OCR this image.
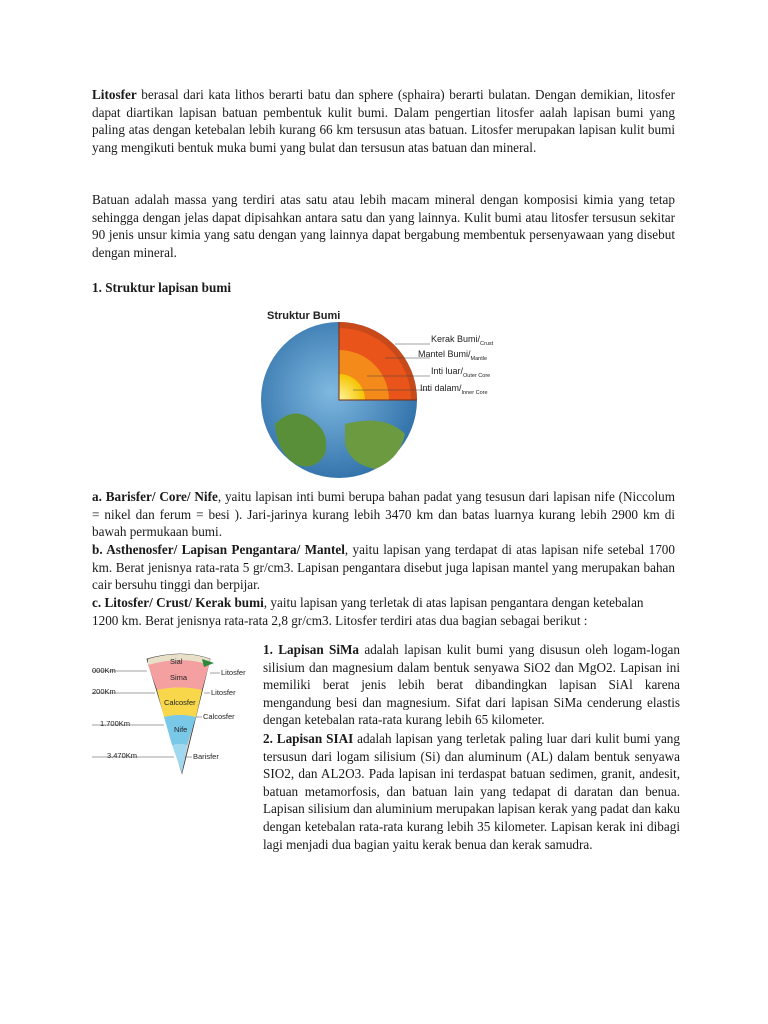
Litosfer berasal dari kata lithos berarti batu dan sphere (sphaira) berarti bulatan. Dengan demikian, litosfer dapat diartikan lapisan batuan pembentuk kulit bumi. Dalam pengertian litosfer aalah lapisan bumi yang paling atas dengan ketebalan lebih kurang 66 km tersusun atas batuan. Litosfer merupakan lapisan kulit bumi yang mengikuti bentuk muka bumi yang bulat dan tersusun atas batuan dan mineral.

Batuan adalah massa yang terdiri atas satu atau lebih macam mineral dengan komposisi kimia yang tetap sehingga dengan jelas dapat dipisahkan antara satu dan yang lainnya. Kulit bumi atau litosfer tersusun sekitar 90 jenis unsur kimia yang satu dengan yang lainnya dapat bergabung membentuk persenyawaan yang disebut dengan mineral.

1. Struktur lapisan bumi

Struktur Bumi
Kerak Bumi/$_{Crust}$
Mantel Bumi/$_{Mantle}$
Inti luar/$_{Outer Core}$
Inti dalam/$_{Inner Core}$

a. Barisfer/ Core/ Nife, yaitu lapisan inti bumi berupa bahan padat yang tesusun dari lapisan nife (Niccolum = nikel dan ferum = besi ). Jari-jarinya kurang lebih 3470 km dan batas luarnya kurang lebih 2900 km di bawah permukaan bumi.

b. Asthenosfer/ Lapisan Pengantara/ Mantel, yaitu lapisan yang terdapat di atas lapisan nife setebal 1700 km. Berat jenisnya rata-rata 5 gr/cm3. Lapisan pengantara disebut juga lapisan mantel yang merupakan bahan cair bersuhu tinggi dan berpijar.

c. Litosfer/ Crust/ Kerak bumi, yaitu lapisan yang terletak di atas lapisan pengantara dengan ketebalan 1200 km. Berat jenisnya rata-rata 2,8 gr/cm3. Litosfer terdiri atas dua bagian sebagai berikut :

000Km
200Km
1.700Km
3.470Km
Sial
Sima
Calcosfer
Nife
Litosfer
Litosfer
Calcosfer
Barisfer

1. Lapisan SiMa adalah lapisan kulit bumi yang disusun oleh logam-logan silisium dan magnesium dalam bentuk senyawa SiO2 dan MgO2. Lapisan ini memiliki berat jenis lebih berat dibandingkan lapisan SiAl karena mengandung besi dan magnesium. Sifat dari lapisan SiMa cenderung elastis dengan ketebalan rata-rata kurang lebih 65 kilometer.

2. Lapisan SIAI adalah lapisan yang terletak paling luar dari kulit bumi yang tersusun dari logam silisium (Si) dan aluminum (AL) dalam bentuk senyawa SIO2, dan AL2O3. Pada lapisan ini terdaspat batuan sedimen, granit, andesit, batuan metamorfosis, dan batuan lain yang tedapat di daratan dan benua. Lapisan silisium dan aluminium merupakan lapisan kerak yang padat dan kaku dengan ketebalan rata-rata kurang lebih 35 kilometer. Lapisan kerak ini dibagi lagi menjadi dua bagian yaitu kerak benua dan kerak samudra.
